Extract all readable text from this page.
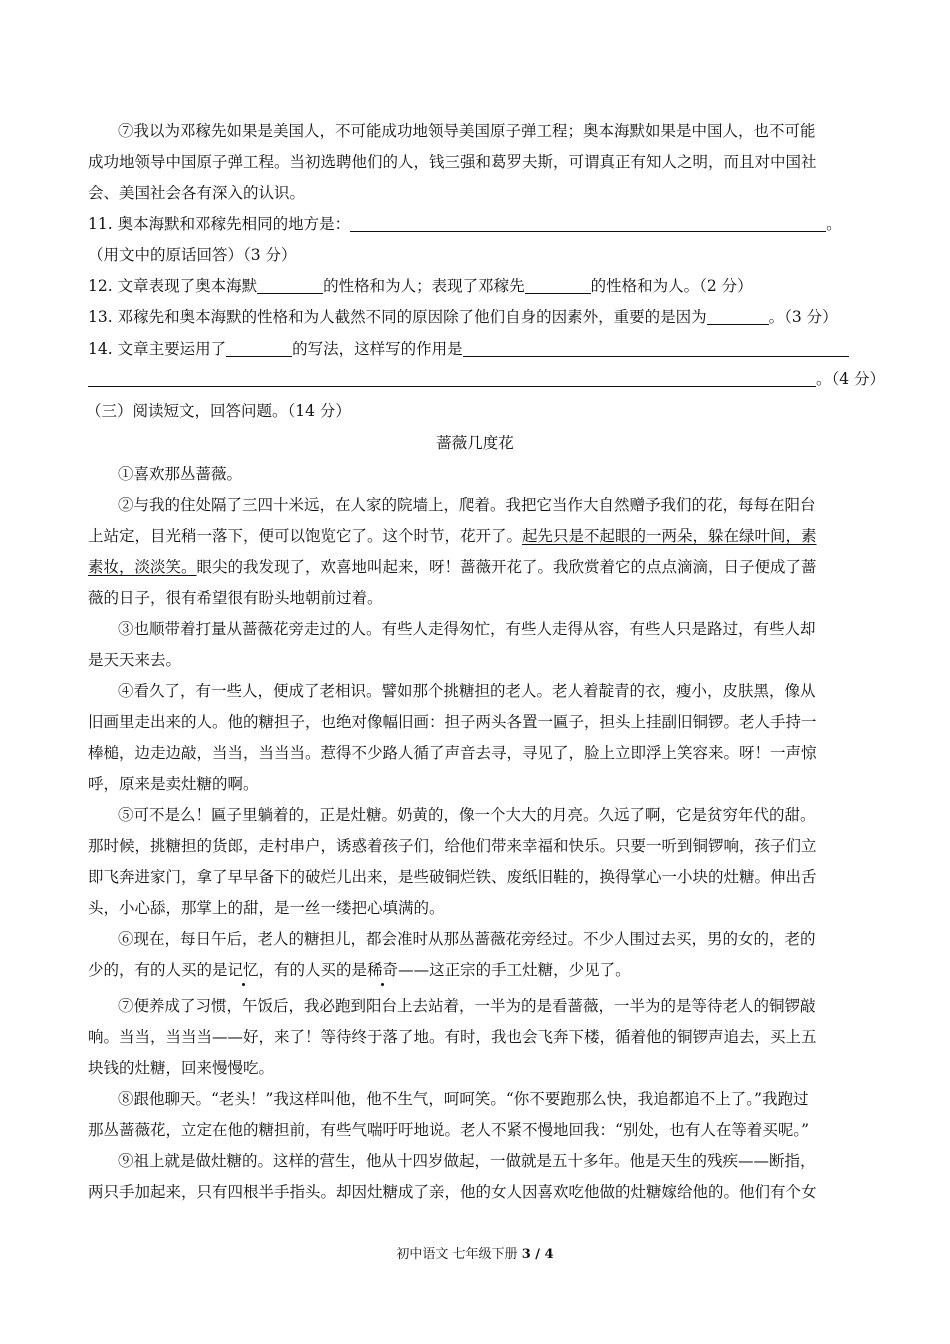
⑦我以为邓稼先如果是美国人，不可能成功地领导美国原子弹工程；奥本海默如果是中国人，也不可能
成功地领导中国原子弹工程。当初选聘他们的人，钱三强和葛罗夫斯，可谓真正有知人之明，而且对中国社
会、美国社会各有深入的认识。
11. 奥本海默和邓稼先相同的地方是：	。
（用文中的原话回答）（3 分）
12. 文章表现了奥本海默	的性格和为人；表现了邓稼先	的性格和为人。（2 分）
13. 邓稼先和奥本海默的性格和为人截然不同的原因除了他们自身的因素外，重要的是因为	。（3 分）
14. 文章主要运用了	的写法，这样写的作用是
。（4 分）
（三）阅读短文，回答问题。（14 分）
蔷薇几度花
①喜欢那丛蔷薇。
②与我的住处隔了三四十米远，在人家的院墙上，爬着。我把它当作大自然赠予我们的花，每每在阳台
上站定，目光稍一落下，便可以饱览它了。这个时节，花开了。起先只是不起眼的一两朵，躲在绿叶间，素
素妆，淡淡笑。眼尖的我发现了，欢喜地叫起来，呀！蔷薇开花了。我欣赏着它的点点滴滴，日子便成了蔷
薇的日子，很有希望很有盼头地朝前过着。
③也顺带着打量从蔷薇花旁走过的人。有些人走得匆忙，有些人走得从容，有些人只是路过，有些人却
是天天来去。
④看久了，有一些人，便成了老相识。譬如那个挑糖担的老人。老人着靛青的衣，瘦小，皮肤黑，像从
旧画里走出来的人。他的糖担子，也绝对像幅旧画：担子两头各置一匾子，担头上挂副旧铜锣。老人手持一
棒槌，边走边敲，当当，当当当。惹得不少路人循了声音去寻，寻见了，脸上立即浮上笑容来。呀！一声惊
呼，原来是卖灶糖的啊。
⑤可不是么！匾子里躺着的，正是灶糖。奶黄的，像一个大大的月亮。久远了啊，它是贫穷年代的甜。
那时候，挑糖担的货郎，走村串户，诱惑着孩子们，给他们带来幸福和快乐。只要一听到铜锣响，孩子们立
即飞奔进家门，拿了早早备下的破烂儿出来，是些破铜烂铁、废纸旧鞋的，换得掌心一小块的灶糖。伸出舌
头，小心舔，那掌上的甜，是一丝一缕把心填满的。
⑥现在，每日午后，老人的糖担儿，都会准时从那丛蔷薇花旁经过。不少人围过去买，男的女的，老的
少的，有的人买的是记忆，有的人买的是稀奇——这正宗的手工灶糖，少见了。
⑦便养成了习惯，午饭后，我必跑到阳台上去站着，一半为的是看蔷薇，一半为的是等待老人的铜锣敲
响。当当，当当当——好，来了！等待终于落了地。有时，我也会飞奔下楼，循着他的铜锣声追去，买上五
块钱的灶糖，回来慢慢吃。
⑧跟他聊天。“老头！”我这样叫他，他不生气，呵呵笑。“你不要跑那么快，我追都追不上了。”我跑过
那丛蔷薇花，立定在他的糖担前，有些气喘吁吁地说。老人不紧不慢地回我：“别处，也有人在等着买呢。”
⑨祖上就是做灶糖的。这样的营生，他从十四岁做起，一做就是五十多年。他是天生的残疾——断指，
两只手加起来，只有四根半手指头。却因灶糖成了亲，他的女人因喜欢吃他做的灶糖嫁给他的。他们有个女
初中语文 七年级下册 3 / 4
